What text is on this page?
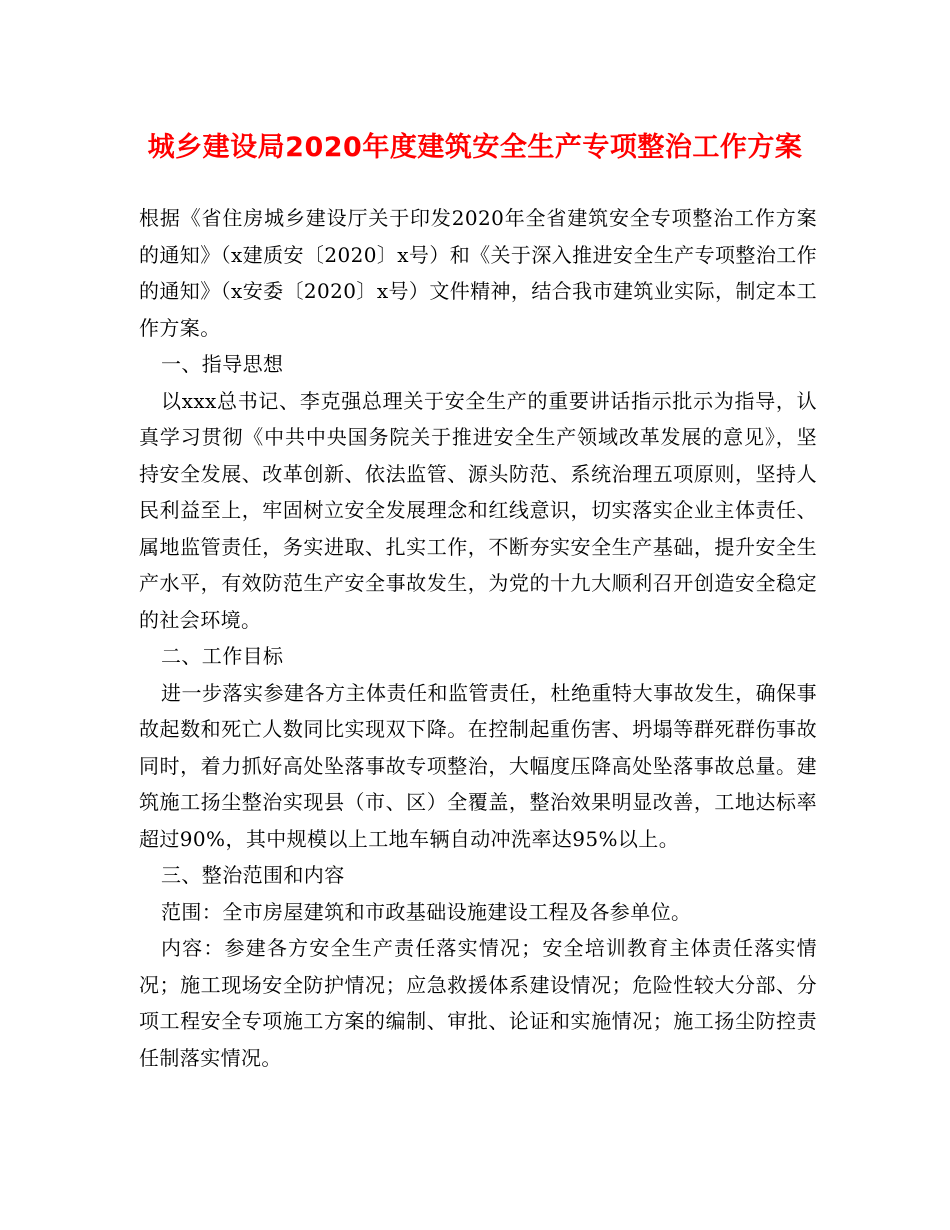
城乡建设局2020年度建筑安全生产专项整治工作方案

根据《省住房城乡建设厅关于印发2020年全省建筑安全专项整治工作方案的通知》（x建质安〔2020〕x号）和《关于深入推进安全生产专项整治工作的通知》（x安委〔2020〕x号）文件精神，结合我市建筑业实际，制定本工作方案。

一、指导思想

以xxx总书记、李克强总理关于安全生产的重要讲话指示批示为指导，认真学习贯彻《中共中央国务院关于推进安全生产领域改革发展的意见》，坚持安全发展、改革创新、依法监管、源头防范、系统治理五项原则，坚持人民利益至上，牢固树立安全发展理念和红线意识，切实落实企业主体责任、属地监管责任，务实进取、扎实工作，不断夯实安全生产基础，提升安全生产水平，有效防范生产安全事故发生，为党的十九大顺利召开创造安全稳定的社会环境。

二、工作目标

进一步落实参建各方主体责任和监管责任，杜绝重特大事故发生，确保事故起数和死亡人数同比实现双下降。在控制起重伤害、坍塌等群死群伤事故同时，着力抓好高处坠落事故专项整治，大幅度压降高处坠落事故总量。建筑施工扬尘整治实现县（市、区）全覆盖，整治效果明显改善，工地达标率超过90%，其中规模以上工地车辆自动冲洗率达95%以上。

三、整治范围和内容

范围：全市房屋建筑和市政基础设施建设工程及各参单位。

内容：参建各方安全生产责任落实情况；安全培训教育主体责任落实情况；施工现场安全防护情况；应急救援体系建设情况；危险性较大分部、分项工程安全专项施工方案的编制、审批、论证和实施情况；施工扬尘防控责任制落实情况。
